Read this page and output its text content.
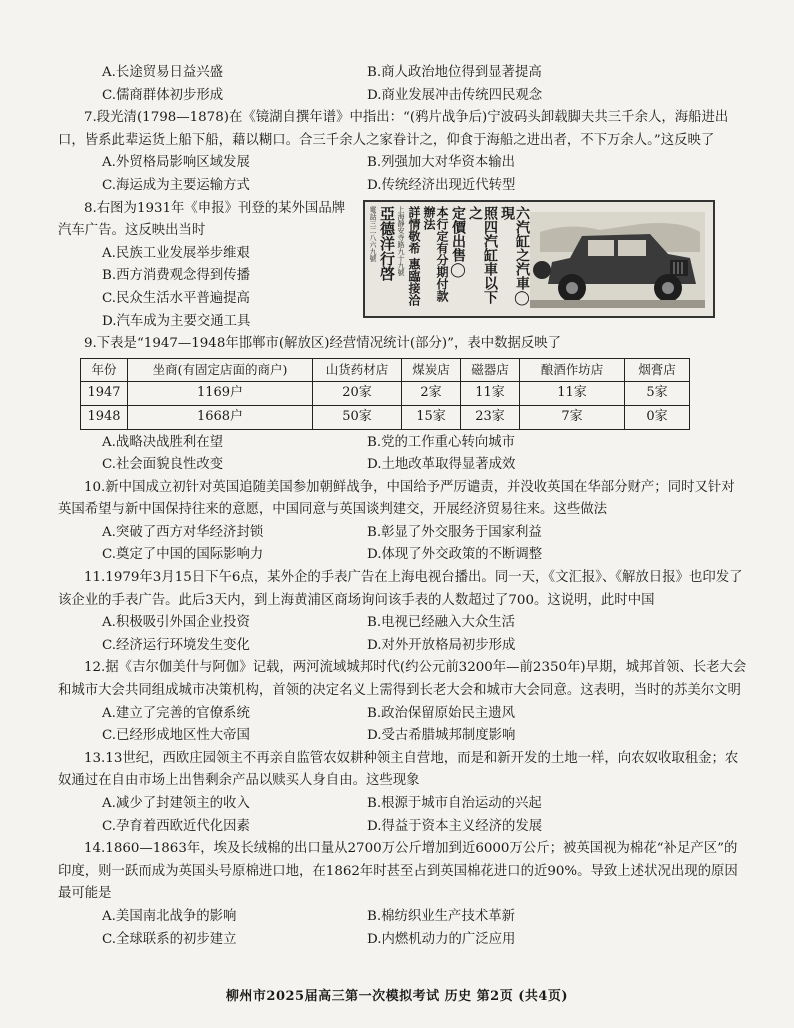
A.长途贸易日益兴盛	B.商人政治地位得到显著提高
C.儒商群体初步形成	D.商业发展冲击传统四民观念

7.段光清(1798—1878)在《镜湖自撰年谱》中指出：“(鸦片战争后)宁波码头卸载脚夫共三千余人，海船进出口，皆系此辈运货上船下船，藉以糊口。合三千余人之家眷计之，仰食于海船之进出者，不下万余人。”这反映了

A.外贸格局影响区域发展	B.列强加大对华资本输出
C.海运成为主要运输方式	D.传统经济出现近代转型

8.右图为1931年《申报》刊登的某外国品牌汽车广告。这反映出当时

A.民族工业发展举步维艰
B.西方消费观念得到传播
C.民众生活水平普遍提高
D.汽车成为主要交通工具
六汽缸之汽車◯現
照四汽缸車以下之
定價出售◯
本行定有分期付款辦法
詳情敬希 惠臨接洽
上海靜安寺路九十九號
亞德洋行啓
電話三二八六九號

9.下表是“1947—1948年邯郸市(解放区)经营情况统计(部分)”，表中数据反映了

年份	坐商(有固定店面的商户)	山货药材店	煤炭店	磁器店	酿酒作坊店	烟膏店
1947	1169户	20家	2家	11家	11家	5家
1948	1668户	50家	15家	23家	7家	0家
A.战略决战胜利在望	B.党的工作重心转向城市
C.社会面貌良性改变	D.土地改革取得显著成效

10.新中国成立初针对英国追随美国参加朝鲜战争，中国给予严厉谴责，并没收英国在华部分财产；同时又针对英国希望与新中国保持往来的意愿，中国同意与英国谈判建交，开展经济贸易往来。这些做法

A.突破了西方对华经济封锁	B.彰显了外交服务于国家利益
C.奠定了中国的国际影响力	D.体现了外交政策的不断调整

11.1979年3月15日下午6点，某外企的手表广告在上海电视台播出。同一天，《文汇报》、《解放日报》也印发了该企业的手表广告。此后3天内，到上海黄浦区商场询问该手表的人数超过了700。这说明，此时中国

A.积极吸引外国企业投资	B.电视已经融入大众生活
C.经济运行环境发生变化	D.对外开放格局初步形成

12.据《吉尔伽美什与阿伽》记载，两河流域城邦时代(约公元前3200年—前2350年)早期，城邦首领、长老大会和城市大会共同组成城市决策机构，首领的决定名义上需得到长老大会和城市大会同意。这表明，当时的苏美尔文明

A.建立了完善的官僚系统	B.政治保留原始民主遗风
C.已经形成地区性大帝国	D.受古希腊城邦制度影响

13.13世纪，西欧庄园领主不再亲自监管农奴耕种领主自营地，而是和新开发的土地一样，向农奴收取租金；农奴通过在自由市场上出售剩余产品以赎买人身自由。这些现象

A.减少了封建领主的收入	B.根源于城市自治运动的兴起
C.孕育着西欧近代化因素	D.得益于资本主义经济的发展

14.1860—1863年，埃及长绒棉的出口量从2700万公斤增加到近6000万公斤；被英国视为棉花“补足产区”的印度，则一跃而成为英国头号原棉进口地，在1862年时甚至占到英国棉花进口的近90%。导致上述状况出现的原因最可能是

A.美国南北战争的影响	B.棉纺织业生产技术革新
C.全球联系的初步建立	D.内燃机动力的广泛应用
柳州市2025届高三第一次模拟考试 历史 第2页 (共4页)
